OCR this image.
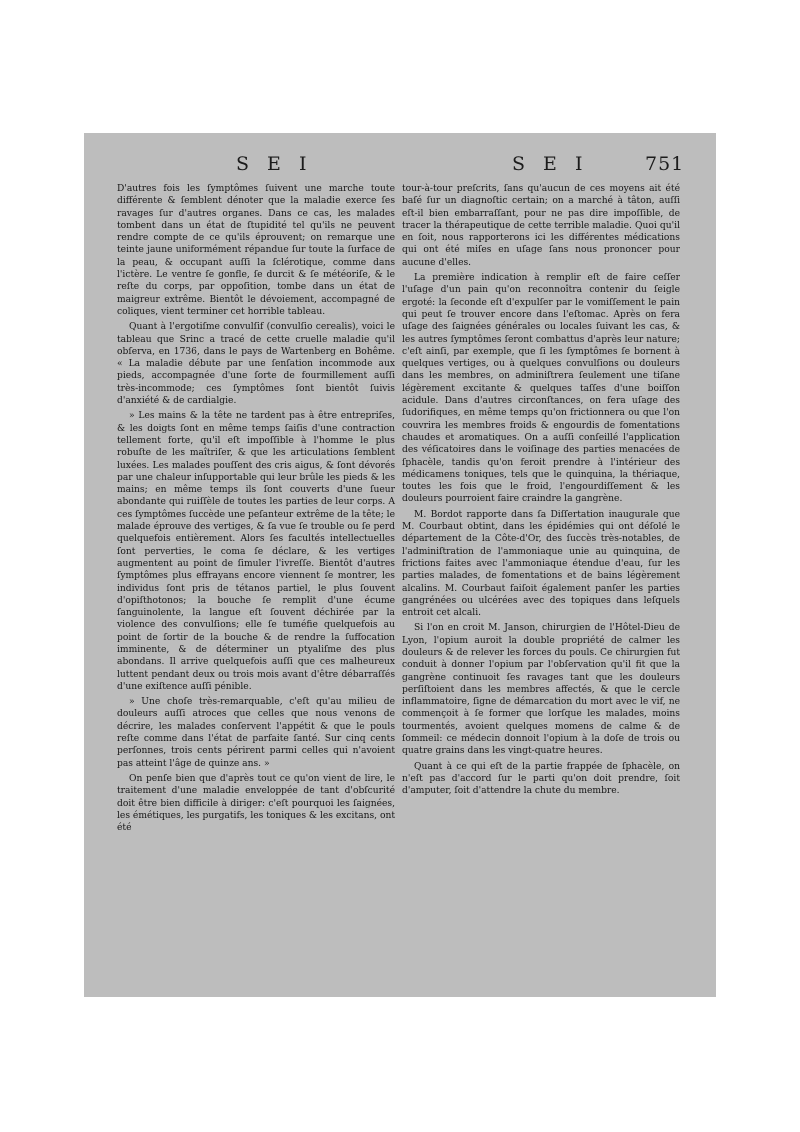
S E I	S E I	751

D'autres fois les ſymptômes ſuivent une marche toute différente & ſemblent dénoter que la maladie exerce ſes ravages ſur d'autres organes. Dans ce cas, les malades tombent dans un état de ſtupidité tel qu'ils ne peuvent rendre compte de ce qu'ils éprouvent; on remarque une teinte jaune uniformément répandue ſur toute la ſurface de la peau, & occupant auſſi la ſclérotique, comme dans l'ictère. Le ventre ſe gonfle, ſe durcit & ſe météoriſe, & le reſte du corps, par oppoſition, tombe dans un état de maigreur extrême. Bientôt le dévoiement, accompagné de coliques, vient terminer cet horrible tableau.

Quant à l'ergotiſme convulſif (convulſio cerealis), voici le tableau que Srinc a tracé de cette cruelle maladie qu'il obſerva, en 1736, dans le pays de Wartenberg en Bohême. « La maladie débute par une ſenſation incommode aux pieds, accompagnée d'une ſorte de fourmillement auſſi très-incommode; ces ſymptômes ſont bientôt ſuivis d'anxiété & de cardialgie.

» Les mains & la tête ne tardent pas à être entrepriſes, & les doigts ſont en même temps ſaiſis d'une contraction tellement forte, qu'il eſt impoſſible à l'homme le plus robuſte de les maîtriſer, & que les articulations ſemblent luxées. Les malades pouſſent des cris aigus, & ſont dévorés par une chaleur inſupportable qui leur brûle les pieds & les mains; en même temps ils ſont couverts d'une ſueur abondante qui ruiſſèle de toutes les parties de leur corps. A ces ſymptômes ſuccède une peſanteur extrême de la tête; le malade éprouve des vertiges, & ſa vue ſe trouble ou ſe perd quelquefois entièrement. Alors ſes facultés intellectuelles ſont perverties, le coma ſe déclare, & les vertiges augmentent au point de ſimuler l'ivreſſe. Bientôt d'autres ſymptômes plus effrayans encore viennent ſe montrer, les individus ſont pris de tétanos partiel, le plus ſouvent d'opiſthotonos; la bouche ſe remplit d'une écume ſanguinolente, la langue eſt ſouvent déchirée par la violence des convulſions; elle ſe tuméfie quelquefois au point de ſortir de la bouche & de rendre la ſuffocation imminente, & de déterminer un ptyaliſme des plus abondans. Il arrive quelquefois auſſi que ces malheureux luttent pendant deux ou trois mois avant d'être débarraſſés d'une exiſtence auſſi pénible.

» Une choſe très-remarquable, c'eſt qu'au milieu de douleurs auſſi atroces que celles que nous venons de décrire, les malades conſervent l'appétit & que le pouls reſte comme dans l'état de parfaite ſanté. Sur cinq cents perſonnes, trois cents périrent parmi celles qui n'avoient pas atteint l'âge de quinze ans. »

On penſe bien que d'après tout ce qu'on vient de lire, le traitement d'une maladie enveloppée de tant d'obſcurité doit être bien difficile à diriger: c'eſt pourquoi les ſaignées, les émétiques, les purgatifs, les toniques & les excitans, ont été

tour-à-tour preſcrits, ſans qu'aucun de ces moyens ait été baſé ſur un diagnoſtic certain; on a marché à tâton, auſſi eſt-il bien embarraſſant, pour ne pas dire impoſſible, de tracer la thérapeutique de cette terrible maladie. Quoi qu'il en ſoit, nous rapporterons ici les différentes médications qui ont été miſes en uſage ſans nous prononcer pour aucune d'elles.

La première indication à remplir eſt de faire ceſſer l'uſage d'un pain qu'on reconnoîtra contenir du ſeigle ergoté: la ſeconde eſt d'expulſer par le vomiſſement le pain qui peut ſe trouver encore dans l'eſtomac. Après on fera uſage des ſaignées générales ou locales ſuivant les cas, & les autres ſymptômes ſeront combattus d'après leur nature; c'eſt ainſi, par exemple, que ſi les ſymptômes ſe bornent à quelques vertiges, ou à quelques convulſions ou douleurs dans les membres, on adminiſtrera ſeulement une tiſane légèrement excitante & quelques taſſes d'une boiſſon acidule. Dans d'autres circonſtances, on fera uſage des ſudorifiques, en même temps qu'on frictionnera ou que l'on couvrira les membres froids & engourdis de fomentations chaudes et aromatiques. On a auſſi conſeillé l'application des véſicatoires dans le voiſinage des parties menacées de ſphacèle, tandis qu'on feroit prendre à l'intérieur des médicamens toniques, tels que le quinquina, la thériaque, toutes les fois que le froid, l'engourdiſſement & les douleurs pourroient faire craindre la gangrène.

M. Bordot rapporte dans ſa Diſſertation inaugurale que M. Courbaut obtint, dans les épidémies qui ont déſolé le département de la Côte-d'Or, des ſuccès très-notables, de l'adminiſtration de l'ammoniaque unie au quinquina, de frictions faites avec l'ammoniaque étendue d'eau, ſur les parties malades, de fomentations et de bains légèrement alcalins. M. Courbaut faiſoit également panſer les parties gangrénées ou ulcérées avec des topiques dans leſquels entroit cet alcali.

Si l'on en croit M. Janson, chirurgien de l'Hôtel-Dieu de Lyon, l'opium auroit la double propriété de calmer les douleurs & de relever les forces du pouls. Ce chirurgien fut conduit à donner l'opium par l'obſervation qu'il fit que la gangrène continuoit ſes ravages tant que les douleurs perſiſtoient dans les membres affectés, & que le cercle inflammatoire, ſigne de démarcation du mort avec le vif, ne commençoit à ſe former que lorſque les malades, moins tourmentés, avoient quelques momens de calme & de ſommeil: ce médecin donnoit l'opium à la doſe de trois ou quatre grains dans les vingt-quatre heures.

Quant à ce qui eſt de la partie frappée de ſphacèle, on n'eſt pas d'accord ſur le parti qu'on doit prendre, ſoit d'amputer, ſoit d'attendre la chute du membre.
